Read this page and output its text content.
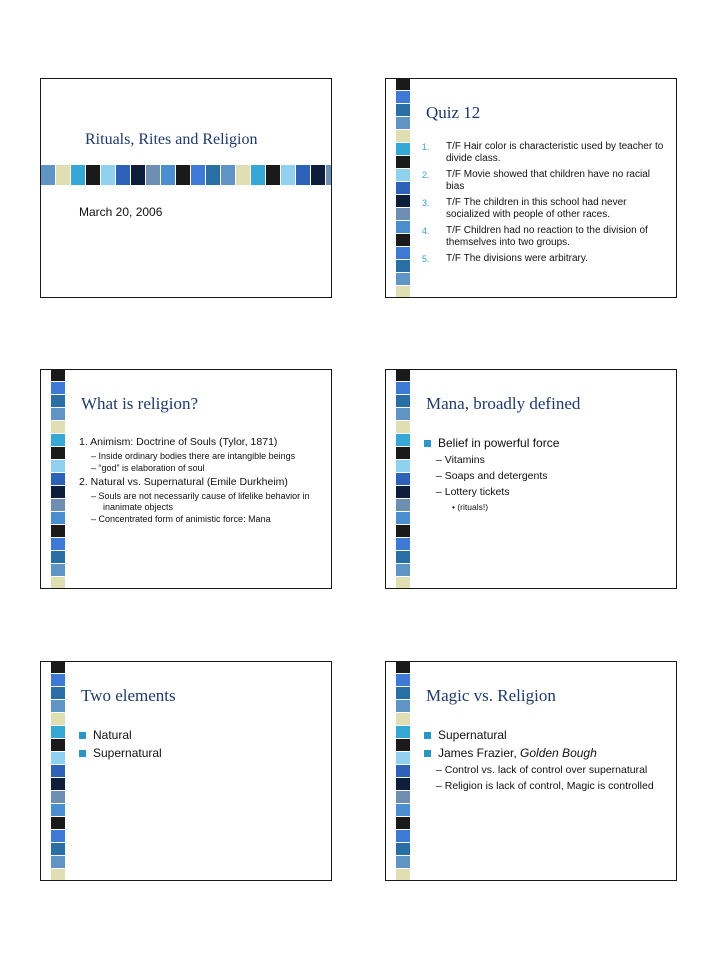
Rituals, Rites and Religion
March 20, 2006
Quiz 12
1. T/F Hair color is characteristic used by teacher to divide class.
2. T/F Movie showed that children have no racial bias
3. T/F The children in this school had never socialized with people of other races.
4. T/F Children had no reaction to the division of themselves into two groups.
5. T/F The divisions were arbitrary.
What is religion?
1. Animism: Doctrine of Souls (Tylor, 1871)
– Inside ordinary bodies there are intangible beings
– “god” is elaboration of soul
2. Natural vs. Supernatural (Emile Durkheim)
– Souls are not necessarily cause of lifelike behavior in inanimate objects
– Concentrated form of animistic force: Mana
Mana, broadly defined
Belief in powerful force
– Vitamins
– Soaps and detergents
– Lottery tickets
• (rituals!)
Two elements
Natural
Supernatural
Magic vs. Religion
Supernatural
James Frazier, Golden Bough
– Control vs. lack of control over supernatural
– Religion is lack of control, Magic is controlled
